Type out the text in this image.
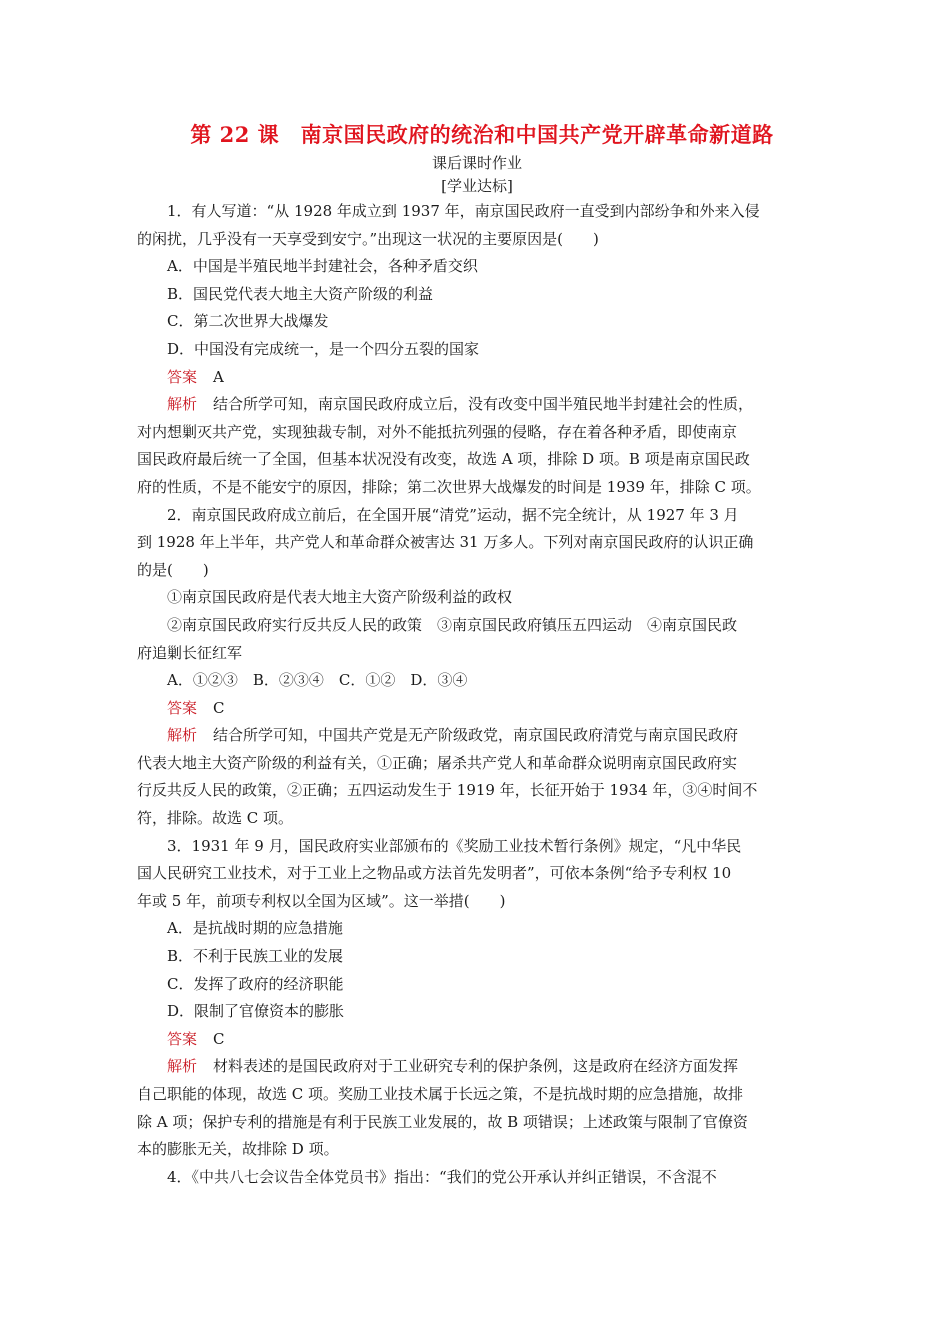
第 22 课　南京国民政府的统治和中国共产党开辟革命新道路
课后课时作业
[学业达标]

1．有人写道：“从 1928 年成立到 1937 年，南京国民政府一直受到内部纷争和外来入侵

的闲扰，几乎没有一天享受到安宁。”出现这一状况的主要原因是(　　)

A．中国是半殖民地半封建社会，各种矛盾交织

B．国民党代表大地主大资产阶级的利益

C．第二次世界大战爆发

D．中国没有完成统一，是一个四分五裂的国家

答案 A

解析 结合所学可知，南京国民政府成立后，没有改变中国半殖民地半封建社会的性质，

对内想剿灭共产党，实现独裁专制，对外不能抵抗列强的侵略，存在着各种矛盾，即使南京

国民政府最后统一了全国，但基本状况没有改变，故选 A 项，排除 D 项。B 项是南京国民政

府的性质，不是不能安宁的原因，排除；第二次世界大战爆发的时间是 1939 年，排除 C 项。

2．南京国民政府成立前后，在全国开展“清党”运动，据不完全统计，从 1927 年 3 月

到 1928 年上半年，共产党人和革命群众被害达 31 万多人。下列对南京国民政府的认识正确

的是(　　)

①南京国民政府是代表大地主大资产阶级利益的政权

②南京国民政府实行反共反人民的政策　③南京国民政府镇压五四运动　④南京国民政

府追剿长征红军

A．①②③　B．②③④　C．①②　D．③④

答案 C

解析 结合所学可知，中国共产党是无产阶级政党，南京国民政府清党与南京国民政府

代表大地主大资产阶级的利益有关，①正确；屠杀共产党人和革命群众说明南京国民政府实

行反共反人民的政策，②正确；五四运动发生于 1919 年，长征开始于 1934 年，③④时间不

符，排除。故选 C 项。

3．1931 年 9 月，国民政府实业部颁布的《奖励工业技术暂行条例》规定，“凡中华民

国人民研究工业技术，对于工业上之物品或方法首先发明者”，可依本条例“给予专利权 10

年或 5 年，前项专利权以全国为区域”。这一举措(　　)

A．是抗战时期的应急措施

B．不利于民族工业的发展

C．发挥了政府的经济职能

D．限制了官僚资本的膨胀

答案 C

解析 材料表述的是国民政府对于工业研究专利的保护条例，这是政府在经济方面发挥

自己职能的体现，故选 C 项。奖励工业技术属于长远之策，不是抗战时期的应急措施，故排

除 A 项；保护专利的措施是有利于民族工业发展的，故 B 项错误；上述政策与限制了官僚资

本的膨胀无关，故排除 D 项。

4．《中共八七会议告全体党员书》指出：“我们的党公开承认并纠正错误，不含混不
